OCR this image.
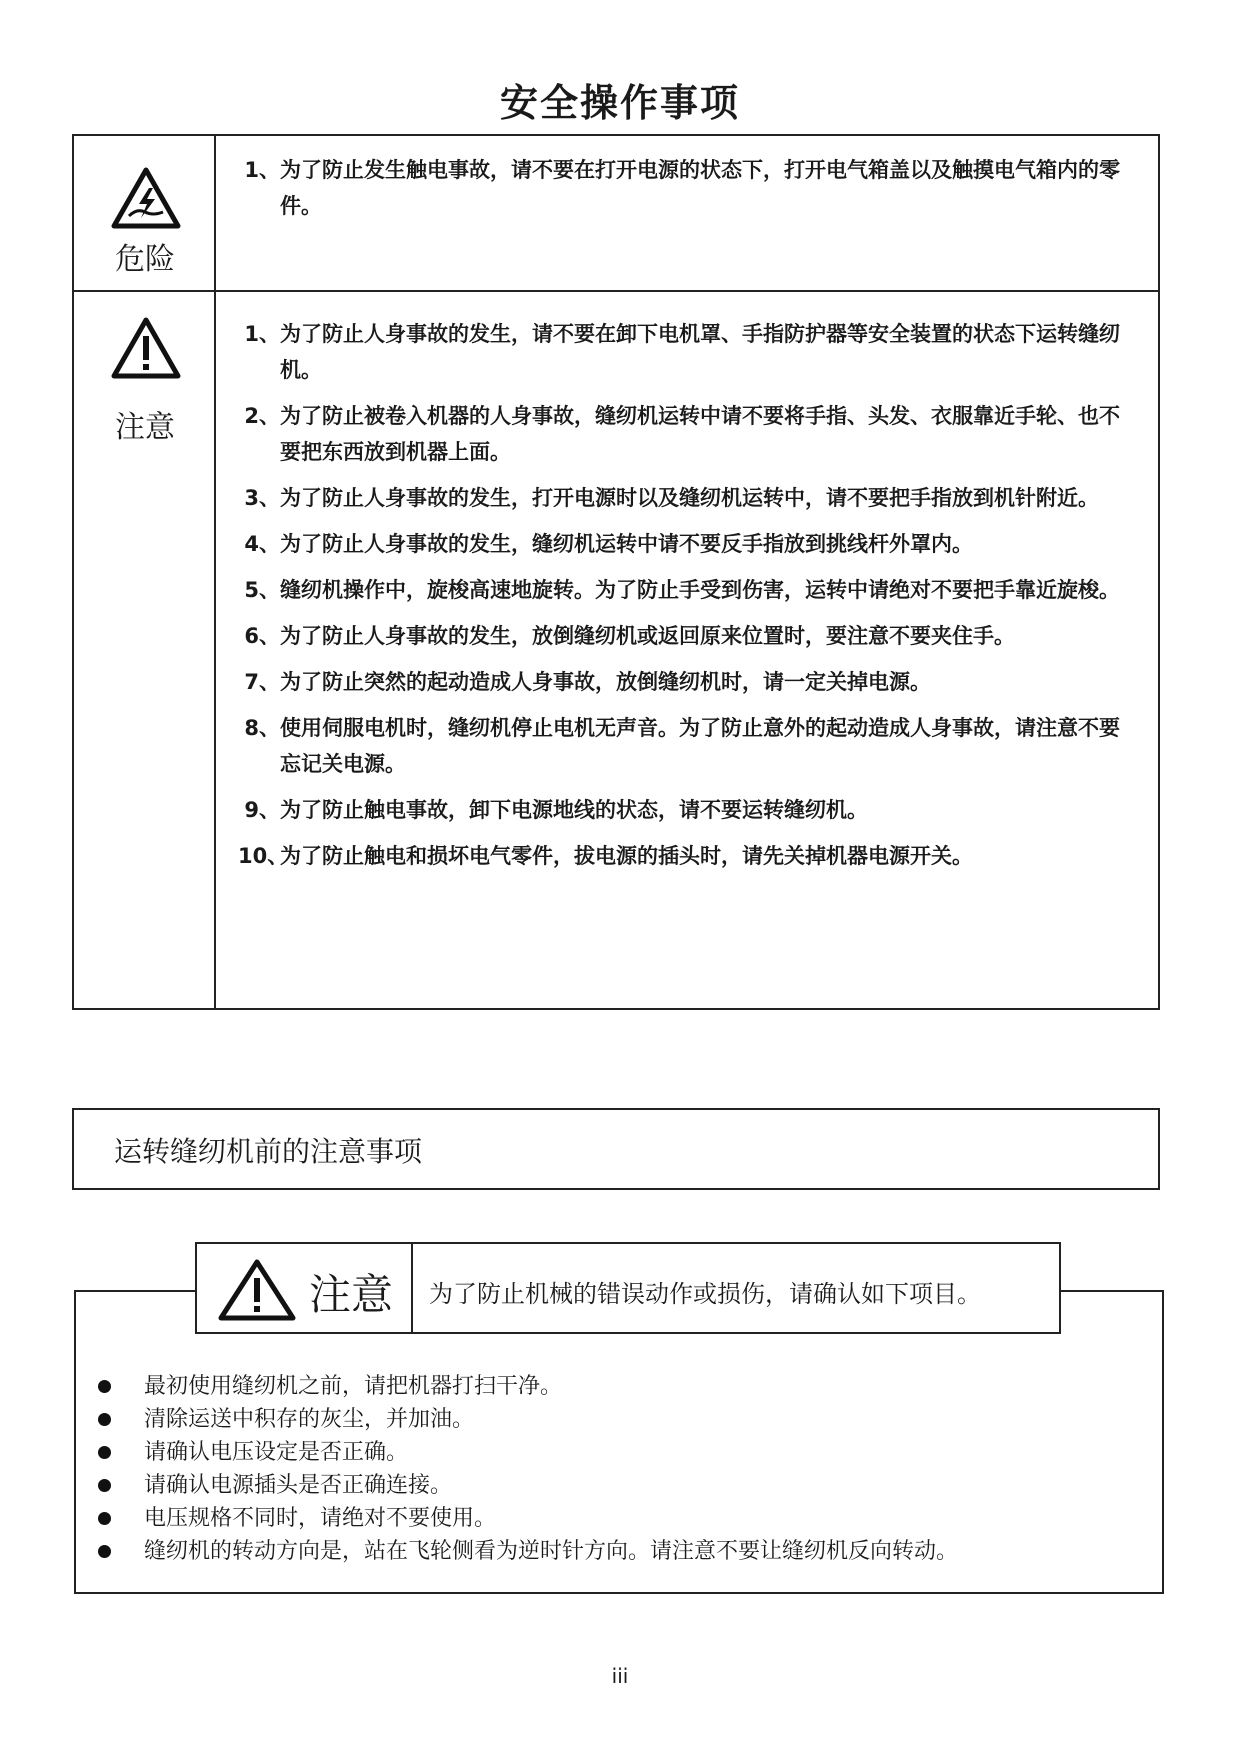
安全操作事项
危险
1、 为了防止发生触电事故，请不要在打开电源的状态下，打开电气箱盖以及触摸电气箱内的零件。
注意
1、 为了防止人身事故的发生，请不要在卸下电机罩、手指防护器等安全装置的状态下运转缝纫机。
2、 为了防止被卷入机器的人身事故，缝纫机运转中请不要将手指、头发、衣服靠近手轮、也不要把东西放到机器上面。
3、 为了防止人身事故的发生，打开电源时以及缝纫机运转中，请不要把手指放到机针附近。
4、 为了防止人身事故的发生，缝纫机运转中请不要反手指放到挑线杆外罩内。
5、 缝纫机操作中，旋梭高速地旋转。为了防止手受到伤害，运转中请绝对不要把手靠近旋梭。
6、 为了防止人身事故的发生，放倒缝纫机或返回原来位置时，要注意不要夹住手。
7、 为了防止突然的起动造成人身事故，放倒缝纫机时，请一定关掉电源。
8、 使用伺服电机时，缝纫机停止电机无声音。为了防止意外的起动造成人身事故，请注意不要忘记关电源。
9、 为了防止触电事故，卸下电源地线的状态，请不要运转缝纫机。
10、
为了防止触电和损坏电气零件，拔电源的插头时，请先关掉机器电源开关。
运转缝纫机前的注意事项
注意 为了防止机械的错误动作或损伤，请确认如下项目。
最初使用缝纫机之前，请把机器打扫干净。
清除运送中积存的灰尘，并加油。
请确认电压设定是否正确。
请确认电源插头是否正确连接。
电压规格不同时，请绝对不要使用。
缝纫机的转动方向是，站在飞轮侧看为逆时针方向。请注意不要让缝纫机反向转动。
iii
